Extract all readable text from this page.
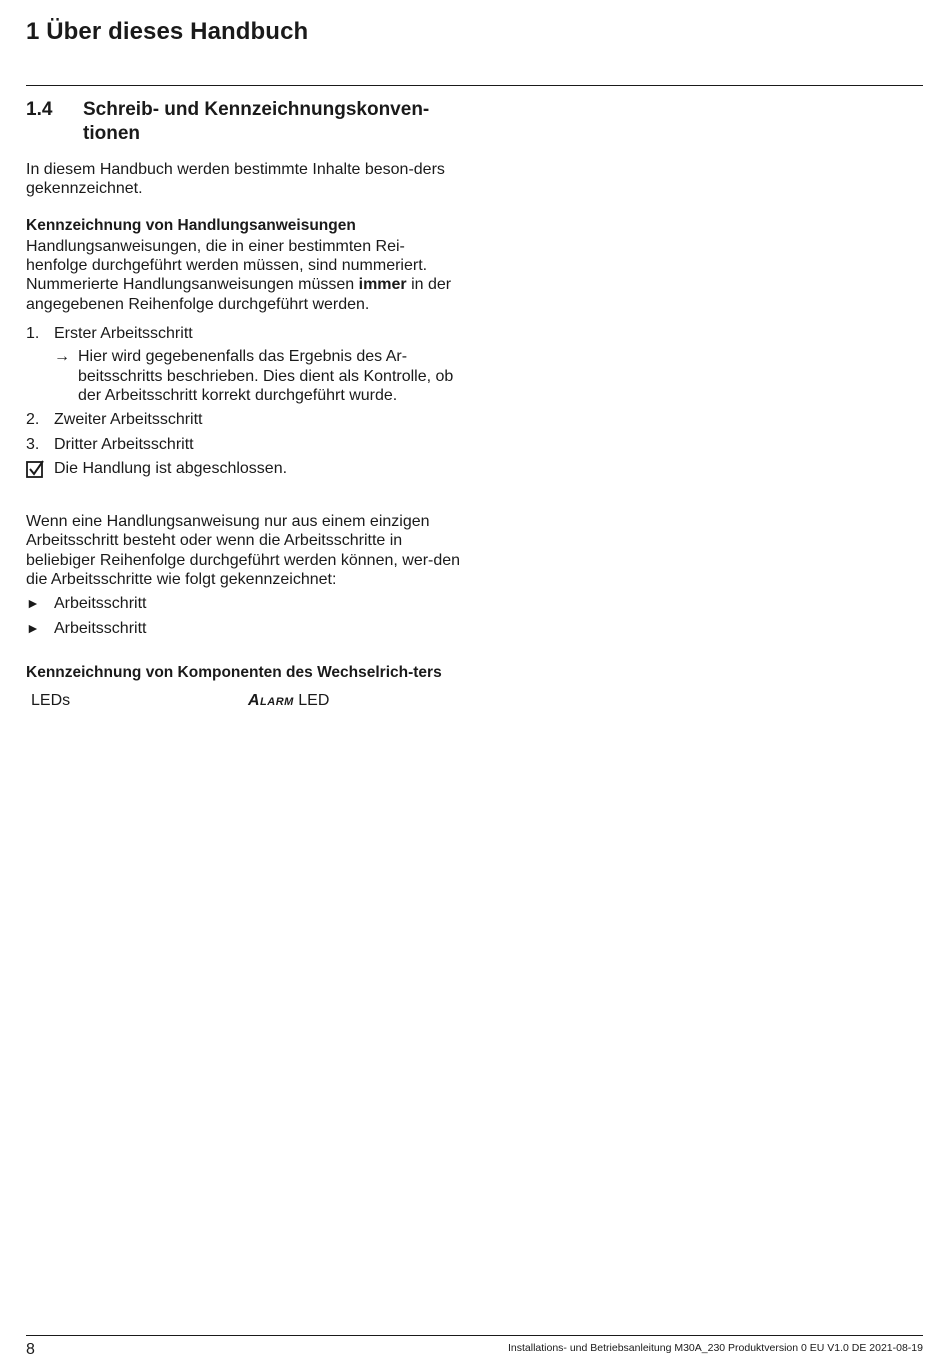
1 Über dieses Handbuch
1.4	Schreib- und Kennzeichnungskonven-tionen

In diesem Handbuch werden bestimmte Inhalte beson-ders gekennzeichnet.

Kennzeichnung von Handlungsanweisungen

Handlungsanweisungen, die in einer bestimmten Rei-henfolge durchgeführt werden müssen, sind nummeriert. Nummerierte Handlungsanweisungen müssen immer in der angegebenen Reihenfolge durchgeführt werden.

1. Erster Arbeitsschritt
→ Hier wird gegebenenfalls das Ergebnis des Ar-beitsschritts beschrieben. Dies dient als Kontrolle, ob der Arbeitsschritt korrekt durchgeführt wurde.
2. Zweiter Arbeitsschritt
3. Dritter Arbeitsschritt
Die Handlung ist abgeschlossen.

Wenn eine Handlungsanweisung nur aus einem einzigen Arbeitsschritt besteht oder wenn die Arbeitsschritte in beliebiger Reihenfolge durchgeführt werden können, wer-den die Arbeitsschritte wie folgt gekennzeichnet:

► Arbeitsschritt
► Arbeitsschritt

Kennzeichnung von Komponenten des Wechselrich-ters

LEDs	Alarm LED
8	Installations- und Betriebsanleitung M30A_230 Produktversion 0 EU V1.0 DE 2021-08-19
